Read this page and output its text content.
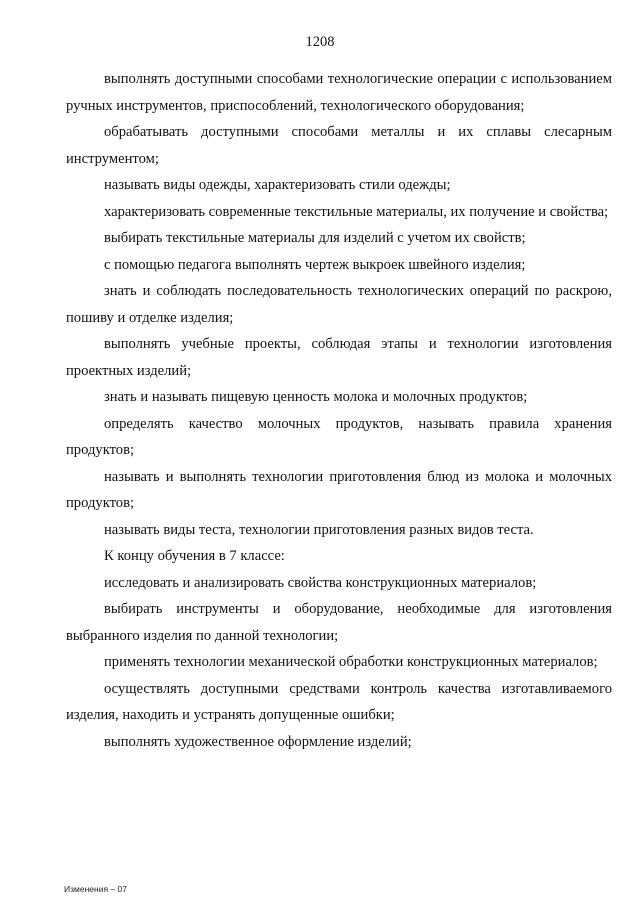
1208

выполнять доступными способами технологические операции с использованием ручных инструментов, приспособлений, технологического оборудования;

обрабатывать доступными способами металлы и их сплавы слесарным инструментом;

называть виды одежды, характеризовать стили одежды;

характеризовать современные текстильные материалы, их получение и свойства;

выбирать текстильные материалы для изделий с учетом их свойств;

с помощью педагога выполнять чертеж выкроек швейного изделия;

знать и соблюдать последовательность технологических операций по раскрою, пошиву и отделке изделия;

выполнять учебные проекты, соблюдая этапы и технологии изготовления проектных изделий;

знать и называть пищевую ценность молока и молочных продуктов;

определять качество молочных продуктов, называть правила хранения продуктов;

называть и выполнять технологии приготовления блюд из молока и молочных продуктов;

называть виды теста, технологии приготовления разных видов теста.

К концу обучения в 7 классе:

исследовать и анализировать свойства конструкционных материалов;

выбирать инструменты и оборудование, необходимые для изготовления выбранного изделия по данной технологии;

применять технологии механической обработки конструкционных материалов;

осуществлять доступными средствами контроль качества изготавливаемого изделия, находить и устранять допущенные ошибки;

выполнять художественное оформление изделий;

Изменения – 07
